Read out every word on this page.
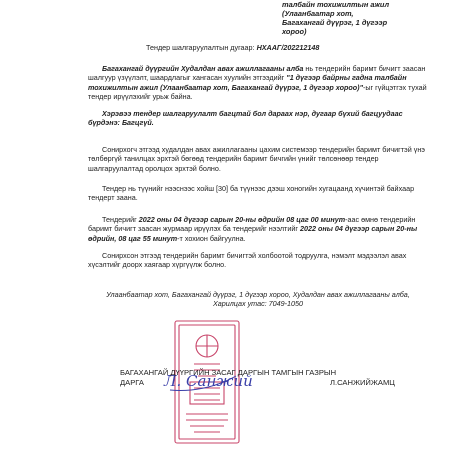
талбайн тохижилтын ажил
(Улаанбаатар хот,
Багахангай дүүрэг, 1 дүгээр
хороо)
Тендер шалгаруулалтын дугаар: НХААГ/202212148

Багахангай дүүргийн Худалдан авах ажиллагааны алба нь тендерийн баримт бичигт заасан шалгуур үзүүлэлт, шаардлагыг хангасан хуулийн этгээдийг "1 дүгээр байрны гадна талбайн тохижилтын ажил (Улаанбаатар хот, Багахангай дүүрэг, 1 дүгээр хороо)"-ыг гүйцэтгэх тухай тендер ирүүлэхийг урьж байна.

Хэрэвээ тендер шалгаруулалт багцтай бол дараах нэр, дугаар бүхий багцуудаас бүрдэнэ: Багцгүй.

Сонирхогч этгээд худалдан авах ажиллагааны цахим системээр тендерийн баримт бичигтэй үнэ төлбөргүй танилцах эрхтэй бөгөөд тендерийн баримт бичгийн үнийг төлсөнөөр тендер шалгаруулалтад оролцох эрхтэй болно.

Тендер нь түүнийг нээснээс хойш [30] ба түүнээс дээш хоногийн хугацаанд хүчинтэй байхаар тендерт заана.

Тендерийг 2022 оны 04 дүгээр сарын 20-ны өдрийн 08 цаг 00 минут-аас өмнө тендерийн баримт бичигт заасан журмаар ирүүлэх ба тендерийг нээлтийг 2022 оны 04 дүгээр сарын 20-ны өдрийн, 08 цаг 55 минут-т хохион байгуулна.

Сонирхсон этгээд тендерийн баримт бичигтэй холбоотой тодруулга, нэмэлт мэдээлэл авах хүсэлтийг доорх хаягаар хүргүүлж болно.

Улаанбаатар хот, Багахангай дүүрэг, 1 дүгээр хороо, Худалдан авах ажиллагааны алба,
Харилцах утас: 7049-1050
Л. Санжий
БАГАХАНГАЙ ДҮҮРГИЙН ЗАСАГ ДАРГЫН ТАМГЫН ГАЗРЫН
ДАРГА	Л.САНЖИЙЖАМЦ
